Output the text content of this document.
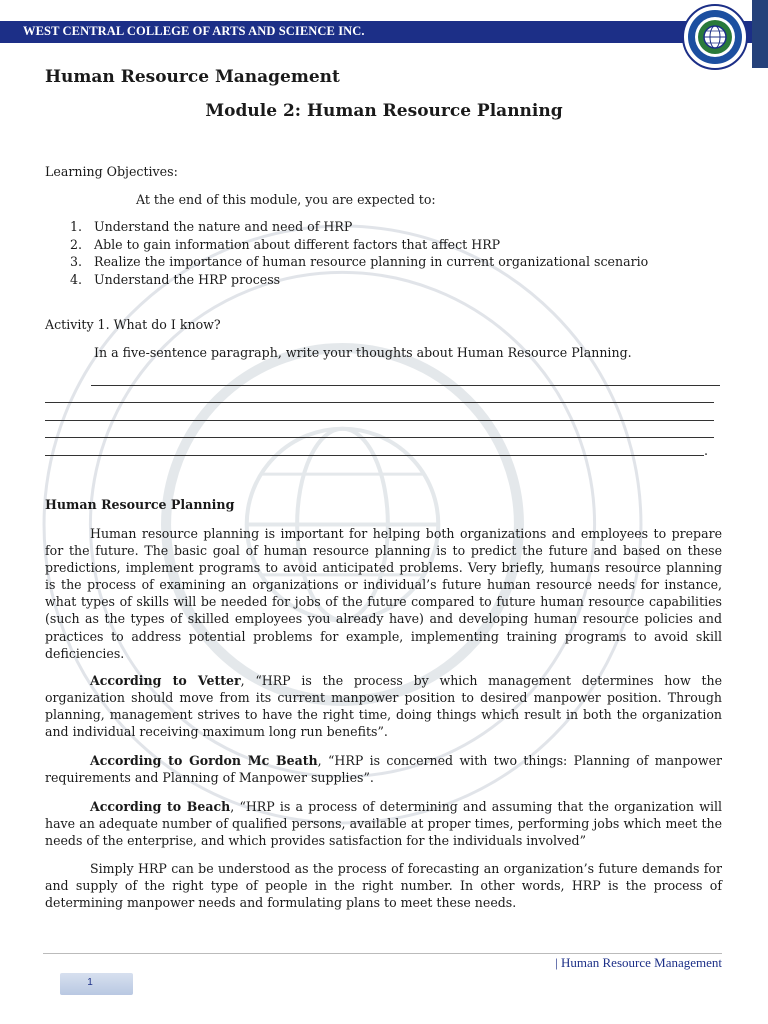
WEST CENTRAL COLLEGE OF ARTS AND SCIENCE INC.
Human Resource Management
Module 2: Human Resource Planning
Learning Objectives:
At the end of this module, you are expected to:
1. Understand the nature and need of HRP
2. Able to gain information about different factors that affect HRP
3. Realize the importance of human resource planning in current organizational scenario
4. Understand the HRP process
Activity 1. What do I know?
In a five-sentence paragraph, write your thoughts about Human Resource Planning.
.
Human Resource Planning

Human resource planning is important for helping both organizations and employees to prepare for the future. The basic goal of human resource planning is to predict the future and based on these predictions, implement programs to avoid anticipated problems. Very briefly, humans resource planning is the process of examining an organizations or individual’s future human resource needs for instance, what types of skills will be needed for jobs of the future compared to future human resource capabilities (such as the types of skilled employees you already have) and developing human resource policies and practices to address potential problems for example, implementing training programs to avoid skill deficiencies.

According to Vetter, “HRP is the process by which management determines how the organization should move from its current manpower position to desired manpower position. Through planning, management strives to have the right time, doing things which result in both the organization and individual receiving maximum long run benefits”.

According to Gordon Mc Beath, “HRP is concerned with two things: Planning of manpower requirements and Planning of Manpower supplies”.

According to Beach, “HRP is a process of determining and assuming that the organization will have an adequate number of qualified persons, available at proper times, performing jobs which meet the needs of the enterprise, and which provides satisfaction for the individuals involved”

Simply HRP can be understood as the process of forecasting an organization’s future demands for and supply of the right type of people in the right number. In other words, HRP is the process of determining manpower needs and formulating plans to meet these needs.

| Human Resource Management
1
